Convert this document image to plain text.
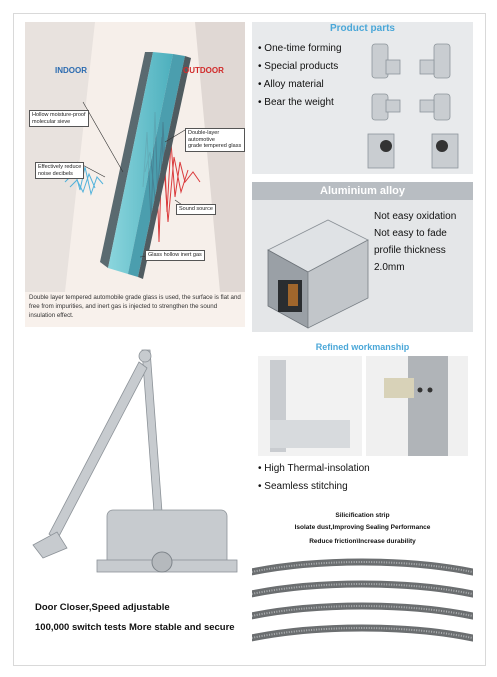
INDOOR	OUTDOOR
Hollow moisture-proof
molecular sieve
Effectively reduce
noise decibels
Double-layer automotive
grade tempered glass
Sound source
Glass hollow inert gas
Double layer tempered automobile grade glass is used, the surface is flat and free from impurities, and inert gas is injected to strengthen the sound insulation effect.
Product parts
• One-time forming
• Special products
• Alloy material
• Bear the weight
Aluminium alloy
Not easy oxidation
Not easy to fade
profile thickness 2.0mm
Door Closer,Speed adjustable
100,000 switch tests More stable and secure
Refined workmanship
• High Thermal-insolation
• Seamless stitching
Silicification strip
Isolate dust,Improving Sealing Performance
Reduce friction\Increase durability
